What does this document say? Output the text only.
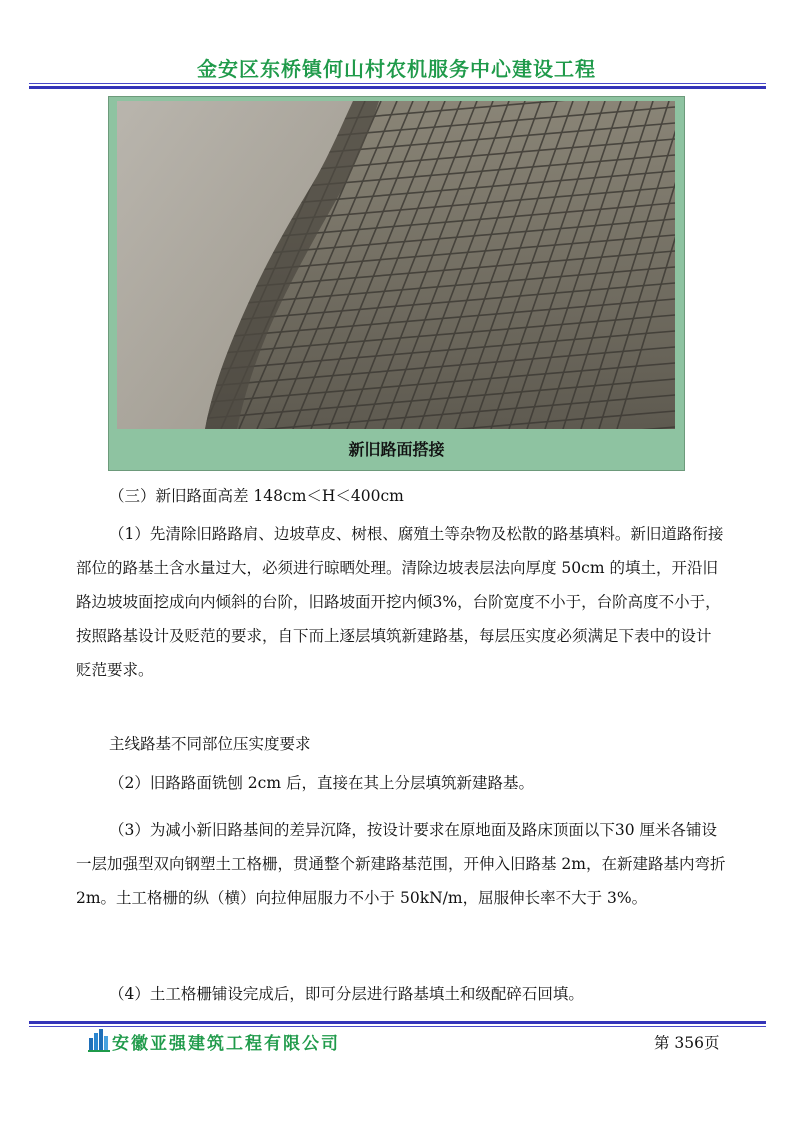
金安区东桥镇何山村农机服务中心建设工程
新旧路面搭接

（三）新旧路面高差 148cm＜H＜400cm

（1）先清除旧路路肩、边坡草皮、树根、腐殖土等杂物及松散的路基填料。新旧道路衔接部位的路基土含水量过大，必须进行晾晒处理。清除边坡表层法向厚度 50cm 的填土，开沿旧路边坡坡面挖成向内倾斜的台阶，旧路坡面开挖内倾3%，台阶宽度不小于，台阶高度不小于，按照路基设计及贬范的要求，自下而上逐层填筑新建路基，每层压实度必须满足下表中的设计贬范要求。

主线路基不同部位压实度要求

（2）旧路路面铣刨 2cm 后，直接在其上分层填筑新建路基。

（3）为减小新旧路基间的差异沉降，按设计要求在原地面及路床顶面以下30 厘米各铺设一层加强型双向钢塑土工格栅，贯通整个新建路基范围，开伸入旧路基 2m，在新建路基内弯折 2m。土工格栅的纵（横）向拉伸屈服力不小于 50kN/m，屈服伸长率不大于 3%。

（4）土工格栅铺设完成后，即可分层进行路基填土和级配碎石回填。

安徽亚强建筑工程有限公司	第 356页
